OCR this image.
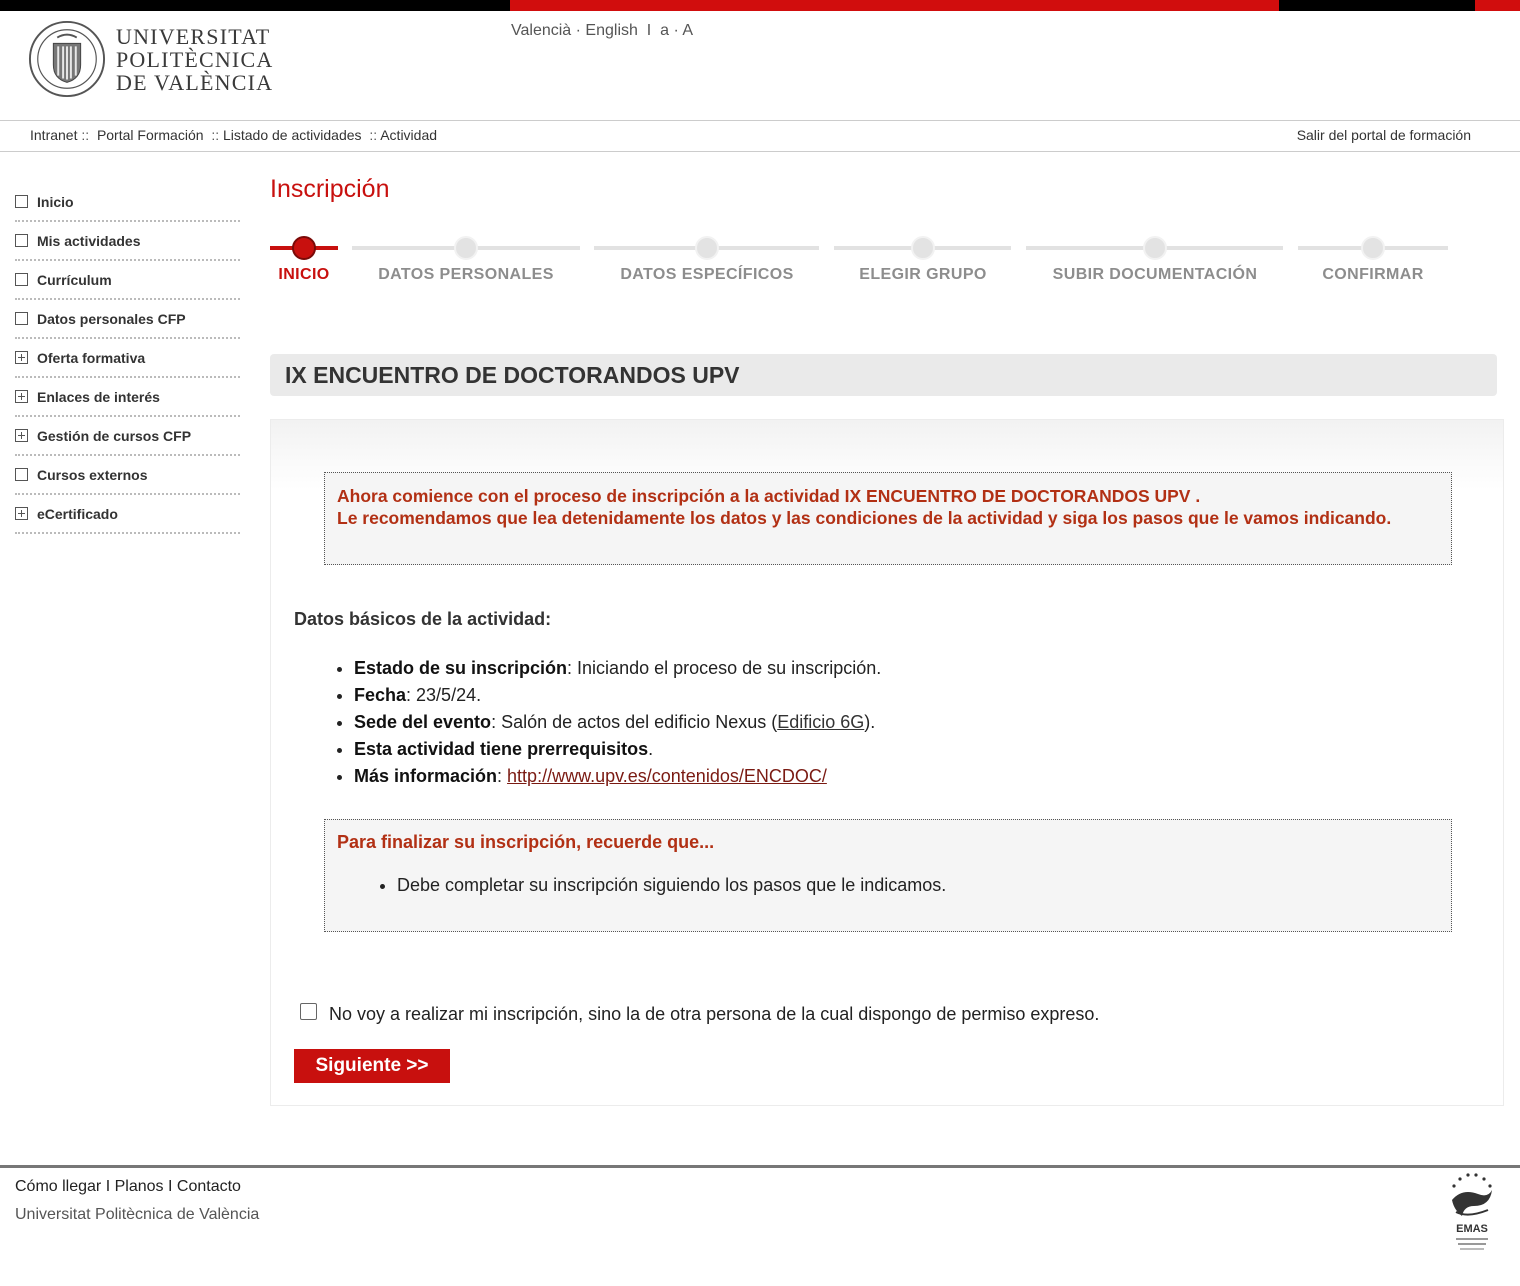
UNIVERSITAT
POLITÈCNICA
DE VALÈNCIA
Valencià · English I a · A
Intranet :: Portal Formación :: Listado de actividades :: Actividad	Salir del portal de formación
Inicio
Mis actividades
Currículum
Datos personales CFP
Oferta formativa
Enlaces de interés
Gestión de cursos CFP
Cursos externos
eCertificado
Inscripción
INICIO	DATOS PERSONALES	DATOS ESPECÍFICOS	ELEGIR GRUPO	SUBIR DOCUMENTACIÓN	CONFIRMAR
IX ENCUENTRO DE DOCTORANDOS UPV
Ahora comience con el proceso de inscripción a la actividad IX ENCUENTRO DE DOCTORANDOS UPV .
Le recomendamos que lea detenidamente los datos y las condiciones de la actividad y siga los pasos que le vamos indicando.
Datos básicos de la actividad:
• Estado de su inscripción: Iniciando el proceso de su inscripción.
• Fecha: 23/5/24.
• Sede del evento: Salón de actos del edificio Nexus (Edificio 6G).
• Esta actividad tiene prerrequisitos.
• Más información: http://www.upv.es/contenidos/ENCDOC/
Para finalizar su inscripción, recuerde que...
• Debe completar su inscripción siguiendo los pasos que le indicamos.
No voy a realizar mi inscripción, sino la de otra persona de la cual dispongo de permiso expreso.
Siguiente >>
Cómo llegar I Planos I Contacto
Universitat Politècnica de València
EMAS
